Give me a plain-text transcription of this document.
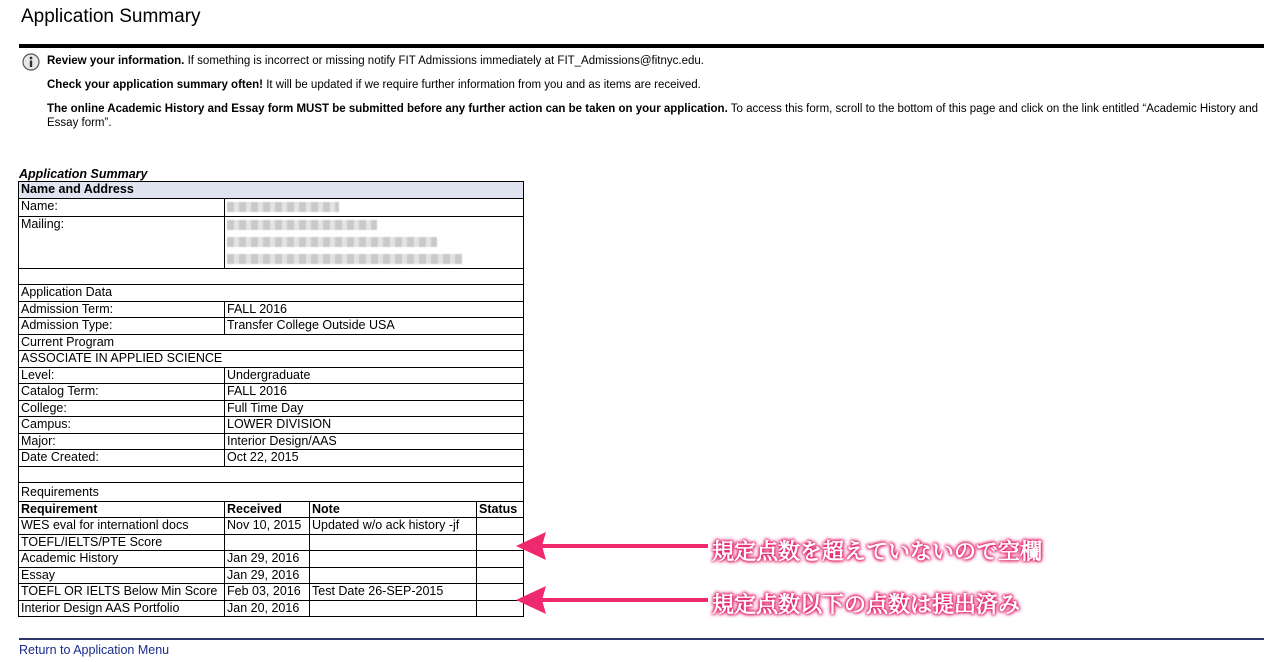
Application Summary
Review your information. If something is incorrect or missing notify FIT Admissions immediately at FIT_Admissions@fitnyc.edu.
Check your application summary often! It will be updated if we require further information from you and as items are received.
The online Academic History and Essay form MUST be submitted before any further action can be taken on your application. To access this form, scroll to the bottom of this page and click on the link entitled “Academic History and Essay form”.
Application Summary
Name and Address			
Name:			
Mailing:			

Application Data			
Admission Term:	FALL 2016		
Admission Type:	Transfer College Outside USA		
Current Program			
ASSOCIATE IN APPLIED SCIENCE			
Level:	Undergraduate		
Catalog Term:	FALL 2016		
College:	Full Time Day		
Campus:	LOWER DIVISION		
Major:	Interior Design/AAS		
Date Created:	Oct 22, 2015		

Requirements			
Requirement	Received	Note	Status
WES eval for internationl docs	Nov 10, 2015	Updated w/o ack history -jf	
TOEFL/IELTS/PTE Score			
Academic History	Jan 29, 2016		
Essay	Jan 29, 2016		
TOEFL OR IELTS Below Min Score	Feb 03, 2016	Test Date 26-SEP-2015	
Interior Design AAS Portfolio	Jan 20, 2016		
規定点数を超えていないので空欄
規定点数以下の点数は提出済み
Return to Application Menu
